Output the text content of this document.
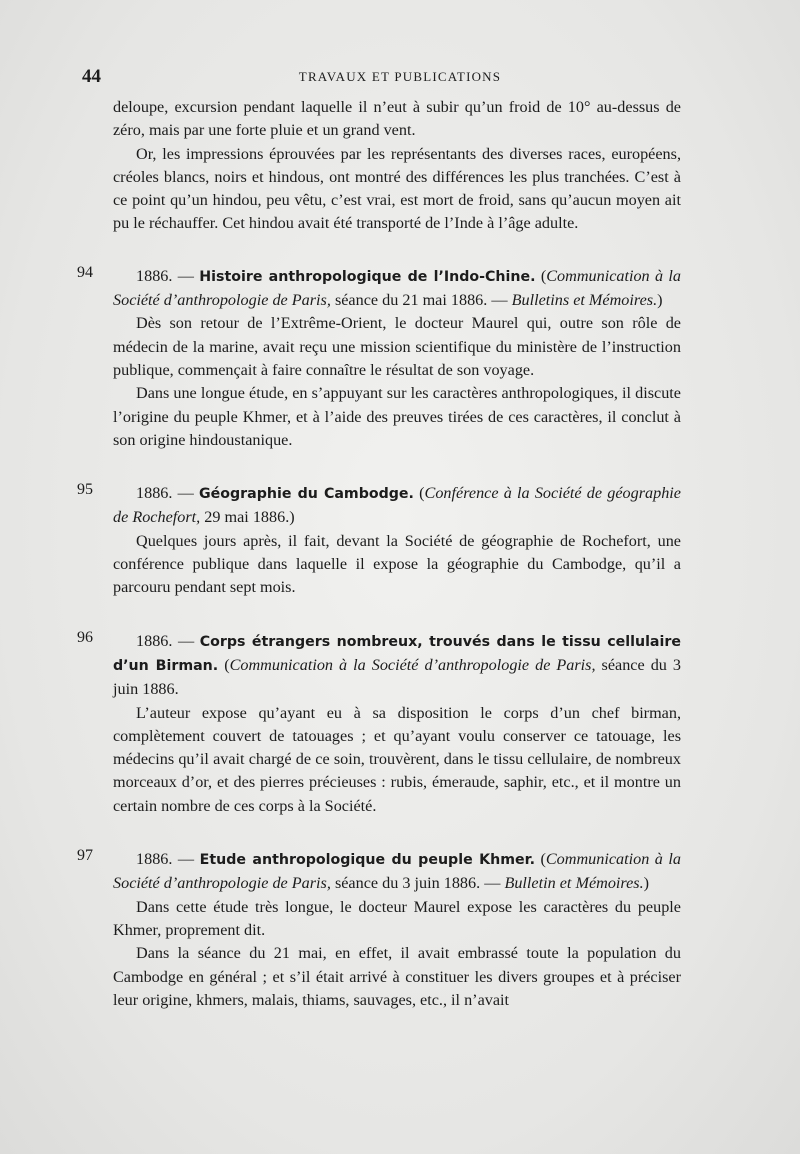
44	TRAVAUX ET PUBLICATIONS

deloupe, excursion pendant laquelle il n’eut à subir qu’un froid de 10° au-dessus de zéro, mais par une forte pluie et un grand vent.

Or, les impressions éprouvées par les représentants des diverses races, européens, créoles blancs, noirs et hindous, ont montré des différences les plus tranchées. C’est à ce point qu’un hindou, peu vêtu, c’est vrai, est mort de froid, sans qu’aucun moyen ait pu le réchauffer. Cet hindou avait été transporté de l’Inde à l’âge adulte.

94	1886. — Histoire anthropologique de l’Indo-Chine. (Communication à la Société d’anthropologie de Paris, séance du 21 mai 1886. — Bulletins et Mémoires.)

Dès son retour de l’Extrême-Orient, le docteur Maurel qui, outre son rôle de médecin de la marine, avait reçu une mission scientifique du ministère de l’instruction publique, commençait à faire connaître le résultat de son voyage.

Dans une longue étude, en s’appuyant sur les caractères anthropologiques, il discute l’origine du peuple Khmer, et à l’aide des preuves tirées de ces caractères, il conclut à son origine hindoustanique.

95	1886. — Géographie du Cambodge. (Conférence à la Société de géographie de Rochefort, 29 mai 1886.)

Quelques jours après, il fait, devant la Société de géographie de Rochefort, une conférence publique dans laquelle il expose la géographie du Cambodge, qu’il a parcouru pendant sept mois.

96	1886. — Corps étrangers nombreux, trouvés dans le tissu cellulaire d’un Birman. (Communication à la Société d’anthropologie de Paris, séance du 3 juin 1886.

L’auteur expose qu’ayant eu à sa disposition le corps d’un chef birman, complètement couvert de tatouages ; et qu’ayant voulu conserver ce tatouage, les médecins qu’il avait chargé de ce soin, trouvèrent, dans le tissu cellulaire, de nombreux morceaux d’or, et des pierres précieuses : rubis, émeraude, saphir, etc., et il montre un certain nombre de ces corps à la Société.

97	1886. — Etude anthropologique du peuple Khmer. (Communication à la Société d’anthropologie de Paris, séance du 3 juin 1886. — Bulletin et Mémoires.)

Dans cette étude très longue, le docteur Maurel expose les caractères du peuple Khmer, proprement dit.

Dans la séance du 21 mai, en effet, il avait embrassé toute la population du Cambodge en général ; et s’il était arrivé à constituer les divers groupes et à préciser leur origine, khmers, malais, thiams, sauvages, etc., il n’avait
